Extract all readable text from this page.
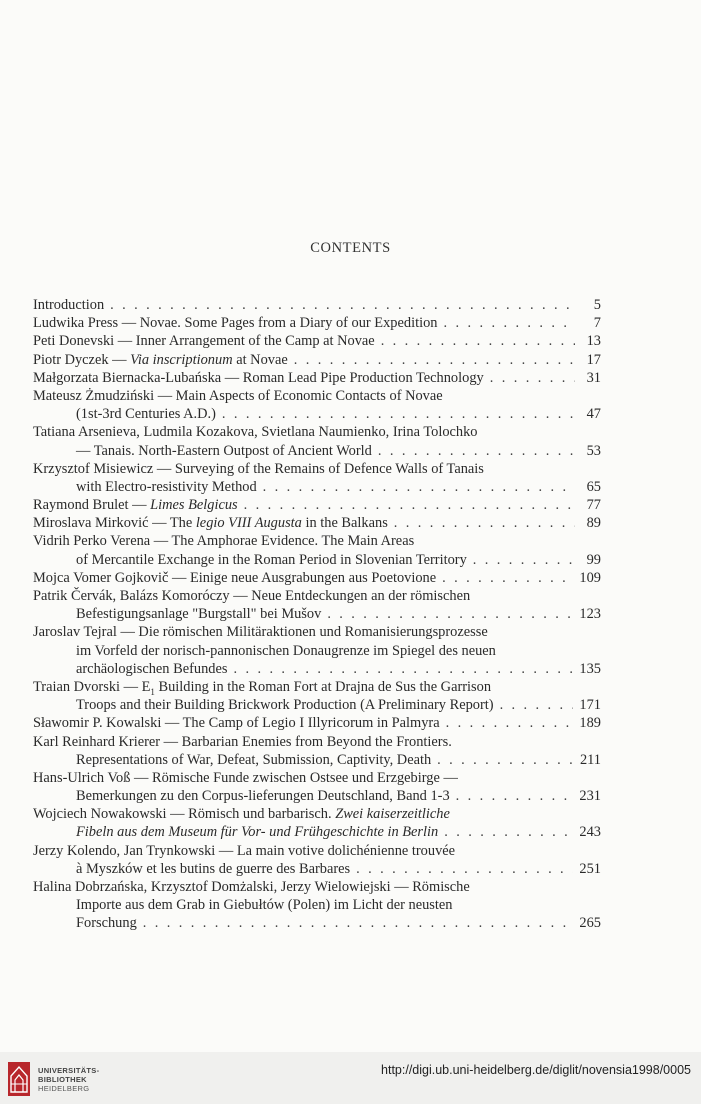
CONTENTS
Introduction . . .	5
Ludwika Press — Novae. Some Pages from a Diary of our Expedition . . .	7
Peti Donevski — Inner Arrangement of the Camp at Novae . . .	13
Piotr Dyczek — Via inscriptionum at Novae . . .	17
Małgorzata Biernacka-Lubańska — Roman Lead Pipe Production Technology . . .	31
Mateusz Żmudziński — Main Aspects of Economic Contacts of Novae
(1st-3rd Centuries A.D.) . . .	47
Tatiana Arsenieva, Ludmila Kozakova, Svietlana Naumienko, Irina Tolochko
— Tanais. North-Eastern Outpost of Ancient World . . .	53
Krzysztof Misiewicz — Surveying of the Remains of Defence Walls of Tanais
with Electro-resistivity Method . . .	65
Raymond Brulet — Limes Belgicus . . .	77
Miroslava Mirković — The legio VIII Augusta in the Balkans . . .	89
Vidrih Perko Verena — The Amphorae Evidence. The Main Areas
of Mercantile Exchange in the Roman Period in Slovenian Territory . . .	99
Mojca Vomer Gojkovič — Einige neue Ausgrabungen aus Poetovione . . .	109
Patrik Červák, Balázs Komoróczy — Neue Entdeckungen an der römischen
Befestigungsanlage "Burgstall" bei Mušov . . .	123
Jaroslav Tejral — Die römischen Militäraktionen und Romanisierungsprozesse
im Vorfeld der norisch-pannonischen Donaugrenze im Spiegel des neuen
archäologischen Befundes . . .	135
Traian Dvorski — $E_1$ Building in the Roman Fort at Drajna de Sus the Garrison
Troops and their Building Brickwork Production (A Preliminary Report) . . .	171
Sławomir P. Kowalski — The Camp of Legio I Illyricorum in Palmyra . . .	189
Karl Reinhard Krierer — Barbarian Enemies from Beyond the Frontiers.
Representations of War, Defeat, Submission, Captivity, Death . . .	211
Hans-Ulrich Voß — Römische Funde zwischen Ostsee und Erzgebirge —
Bemerkungen zu den Corpus-lieferungen Deutschland, Band 1-3 . . .	231
Wojciech Nowakowski — Römisch und barbarisch. Zwei kaiserzeitliche
Fibeln aus dem Museum für Vor- und Frühgeschichte in Berlin . . .	243
Jerzy Kolendo, Jan Trynkowski — La main votive dolichénienne trouvée
à Myszków et les butins de guerre des Barbares . . .	251
Halina Dobrzańska, Krzysztof Domżalski, Jerzy Wielowiejski — Römische
Importe aus dem Grab in Giebułtów (Polen) im Licht der neusten
Forschung . . .	265
UNIVERSITÄTS-
BIBLIOTHEK
HEIDELBERG
http://digi.ub.uni-heidelberg.de/diglit/novensia1998/0005
